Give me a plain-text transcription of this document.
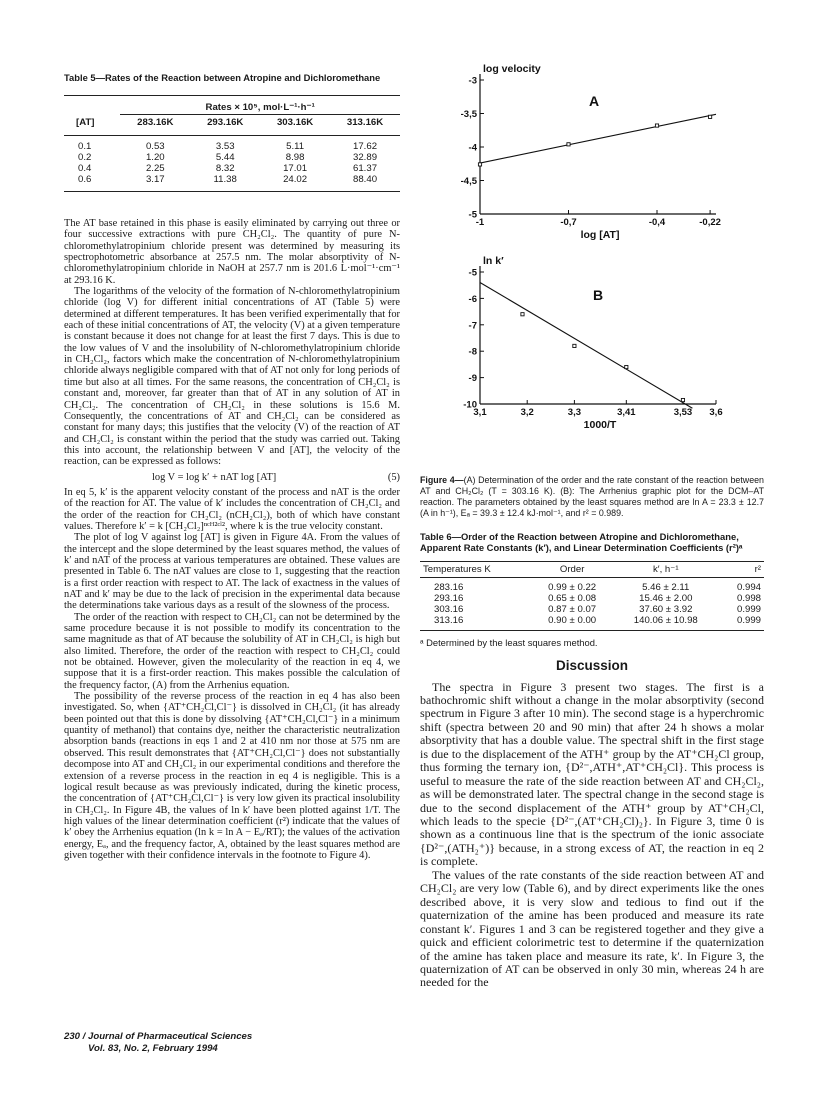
Table 5—Rates of the Reaction between Atropine and Dichloromethane
	Rates × 10⁵, mol·L⁻¹·h⁻¹			

[AT]	283.16K	293.16K	303.16K	313.16K
0.1	0.53	3.53	5.11	17.62
0.2	1.20	5.44	8.98	32.89
0.4	2.25	8.32	17.01	61.37
0.6	3.17	11.38	24.02	88.40

The AT base retained in this phase is easily eliminated by carrying out three or four successive extractions with pure CH₂Cl₂. The quantity of pure N-chloromethylatropinium chloride present was determined by measuring its spectrophotometric absorbance at 257.5 nm. The molar absorptivity of N-chloromethylatropinium chloride in NaOH at 257.7 nm is 201.6 L·mol⁻¹·cm⁻¹ at 293.16 K.

The logarithms of the velocity of the formation of N-chloromethylatropinium chloride (log V) for different initial concentrations of AT (Table 5) were determined at different temperatures. It has been verified experimentally that for each of these initial concentrations of AT, the velocity (V) at a given temperature is constant because it does not change for at least the first 7 days. This is due to the low values of V and the insolubility of N-chloromethylatropinium chloride in CH₂Cl₂, factors which make the concentration of N-chloromethylatropinium chloride always negligible compared with that of AT not only for long periods of time but also at all times. For the same reasons, the concentration of CH₂Cl₂ is constant and, moreover, far greater than that of AT in any solution of AT in CH₂Cl₂. The concentration of CH₂Cl₂ in these solutions is 15.6 M. Consequently, the concentrations of AT and CH₂Cl₂ can be considered as constant for many days; this justifies that the velocity (V) of the reaction of AT and CH₂Cl₂ is constant within the period that the study was carried out. Taking this into account, the relationship between V and [AT], the velocity of the reaction, can be expressed as follows:

log V = log k′ + nAT log [AT]	(5)

In eq 5, k′ is the apparent velocity constant of the process and nAT is the order of the reaction for AT. The value of k′ includes the concentration of CH₂Cl₂ and the order of the reaction for CH₂Cl₂ (nCH₂Cl₂), both of which have constant values. Therefore k′ = k [CH₂Cl₂]ⁿᶜᴴ²ᶜˡ², where k is the true velocity constant.

The plot of log V against log [AT] is given in Figure 4A. From the values of the intercept and the slope determined by the least squares method, the values of k′ and nAT of the process at various temperatures are obtained. These values are presented in Table 6. The nAT values are close to 1, suggesting that the reaction is a first order reaction with respect to AT. The lack of exactness in the values of nAT and k′ may be due to the lack of precision in the experimental data because the determinations take various days as a result of the slowness of the process.

The order of the reaction with respect to CH₂Cl₂ can not be determined by the same procedure because it is not possible to modify its concentration to the same magnitude as that of AT because the solubility of AT in CH₂Cl₂ is high but also limited. Therefore, the order of the reaction with respect to CH₂Cl₂ could not be obtained. However, given the molecularity of the reaction in eq 4, we suppose that it is a first-order reaction. This makes possible the calculation of the frequency factor, (A) from the Arrhenius equation.

The possibility of the reverse process of the reaction in eq 4 has also been investigated. So, when {AT⁺CH₂Cl,Cl⁻} is dissolved in CH₂Cl₂ (it has already been pointed out that this is done by dissolving {AT⁺CH₂Cl,Cl⁻} in a minimum quantity of methanol) that contains dye, neither the characteristic neutralization absorption bands (reactions in eqs 1 and 2 at 410 nm nor those at 575 nm are observed. This result demonstrates that {AT⁺CH₂Cl,Cl⁻} does not substantially decompose into AT and CH₂Cl₂ in our experimental conditions and therefore the extension of a reverse process in the reaction in eq 4 is negligible. This is a logical result because as was previously indicated, during the kinetic process, the concentration of {AT⁺CH₂Cl,Cl⁻} is very low given its practical insolubility in CH₂Cl₂. In Figure 4B, the values of ln k′ have been plotted against 1/T. The high values of the linear determination coefficient (r²) indicate that the values of k′ obey the Arrhenius equation (ln k = ln A − Eₐ/RT); the values of the activation energy, Eₐ, and the frequency factor, A, obtained by the least squares method are given together with their confidence intervals in the footnote to Figure 4).

230 / Journal of Pharmaceutical Sciences
Vol. 83, No. 2, February 1994
-3
-3,5
-4
-4,5
-5
-1	-0,7	-0,4	-0,22
log velocity
log [AT]
A
-5
-6
-7
-8
-9
-10
3,1	3,2	3,3	3,41	3,53 3,6
ln k′
1000/T
B
Figure 4—(A) Determination of the order and the rate constant of the reaction between AT and CH₂Cl₂ (T = 303.16 K). (B): The Arrhenius graphic plot for the DCM–AT reaction. The parameters obtained by the least squares method are ln A = 23.3 ± 12.7 (A in h⁻¹), Eₐ = 39.3 ± 12.4 kJ·mol⁻¹, and r² = 0.989.
Table 6—Order of the Reaction between Atropine and Dichloromethane, Apparent Rate Constants (k′), and Linear Determination Coefficients (r²)ᵃ
Temperatures K	Order	k′, h⁻¹	r²
283.16	0.99 ± 0.22	5.46 ± 2.11	0.994
293.16	0.65 ± 0.08	15.46 ± 2.00	0.998
303.16	0.87 ± 0.07	37.60 ± 3.92	0.999
313.16	0.90 ± 0.00	140.06 ± 10.98	0.999

ᵃ Determined by the least squares method.
Discussion

The spectra in Figure 3 present two stages. The first is a bathochromic shift without a change in the molar absorptivity (second spectrum in Figure 3 after 10 min). The second stage is a hyperchromic shift (spectra between 20 and 90 min) that after 24 h shows a molar absorptivity that has a double value. The spectral shift in the first stage is due to the displacement of the ATH⁺ group by the AT⁺CH₂Cl group, thus forming the ternary ion, {D²⁻,ATH⁺,AT⁺CH₂Cl}. This process is useful to measure the rate of the side reaction between AT and CH₂Cl₂, as will be demonstrated later. The spectral change in the second stage is due to the second displacement of the ATH⁺ group by AT⁺CH₂Cl, which leads to the specie {D²⁻,(AT⁺CH₂Cl)₂}. In Figure 3, time 0 is shown as a continuous line that is the spectrum of the ionic associate {D²⁻,(ATH₂⁺)} because, in a strong excess of AT, the reaction in eq 2 is complete.

The values of the rate constants of the side reaction between AT and CH₂Cl₂ are very low (Table 6), and by direct experiments like the ones described above, it is very slow and tedious to find out if the quaternization of the amine has been produced and measure its rate constant k′. Figures 1 and 3 can be registered together and they give a quick and efficient colorimetric test to determine if the quaternization of the amine has taken place and measure its rate, k′. In Figure 3, the quaternization of AT can be observed in only 30 min, whereas 24 h are needed for the
